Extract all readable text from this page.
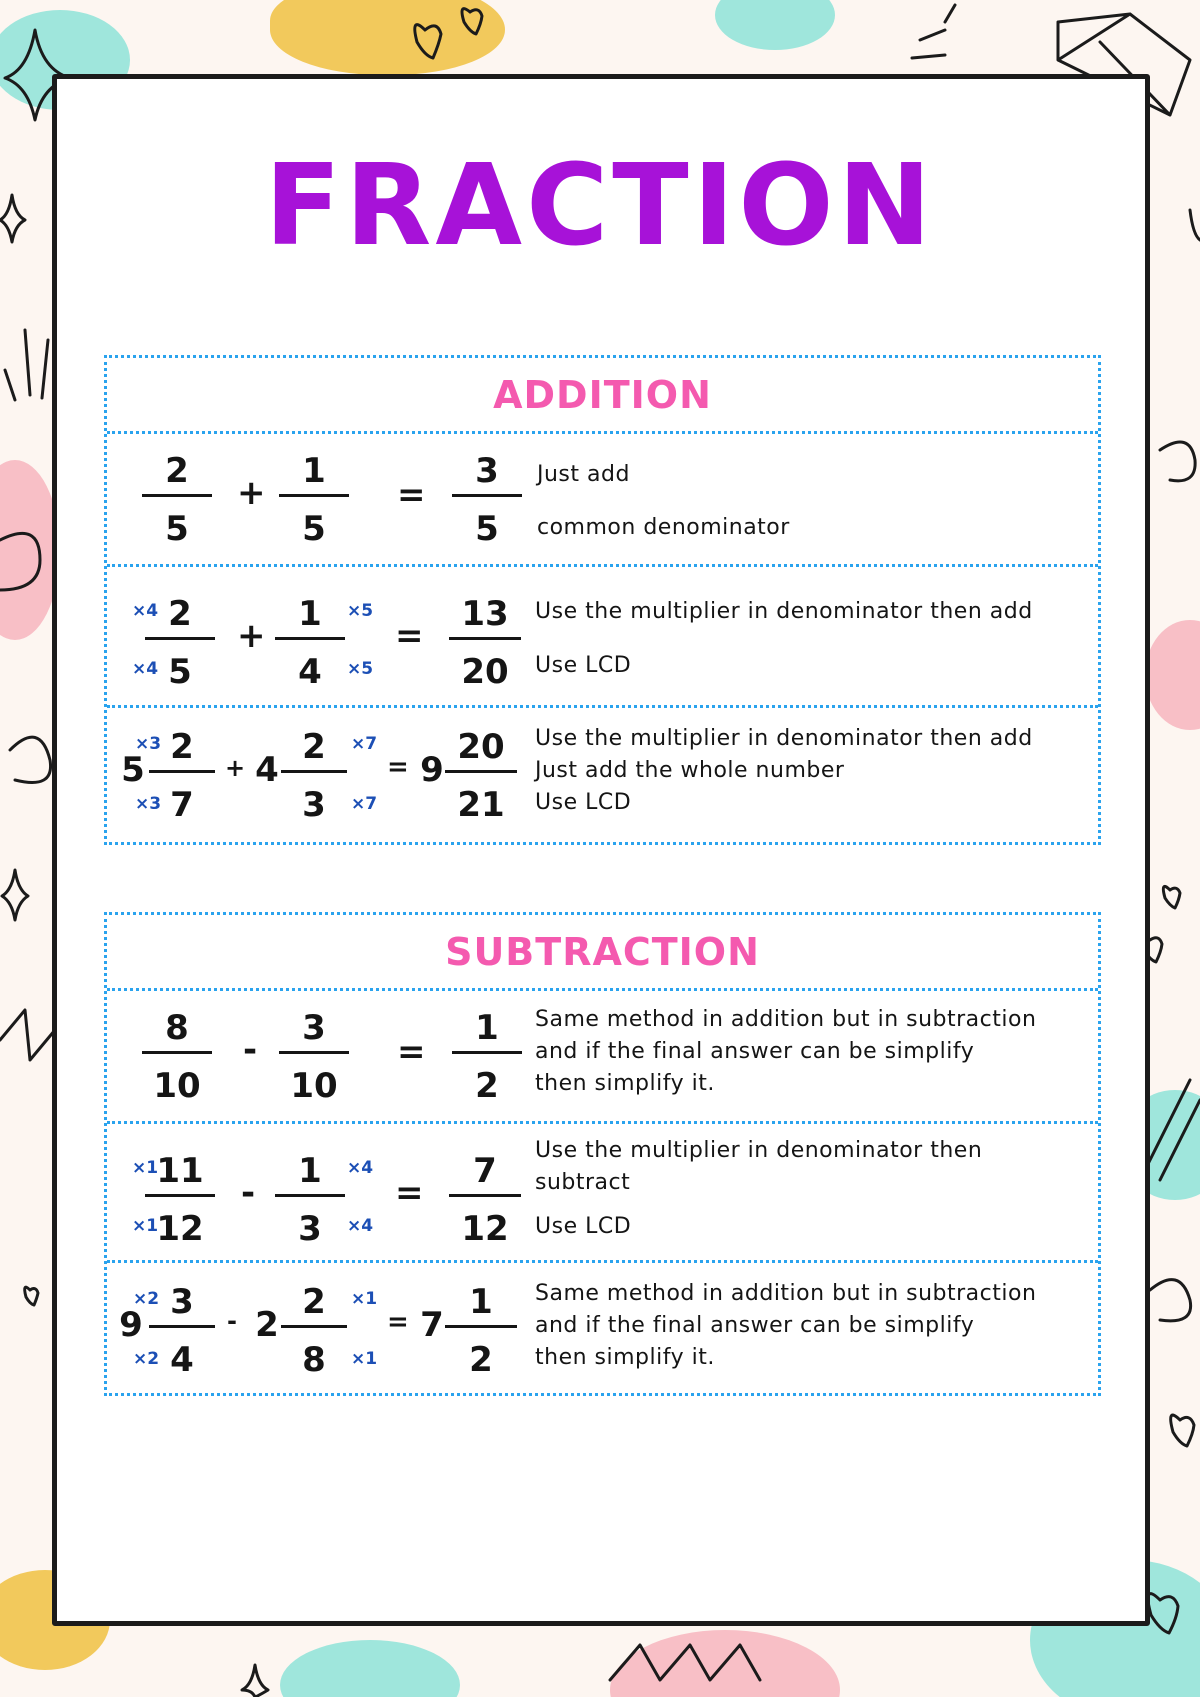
FRACTION
ADDITION
2
5
+
1
5
=
3
5
Just add
common denominator
×4
×4
2
5
+
1
4
×5
×5
=
13
20
Use the multiplier in denominator then add
Use LCD
5
×3
×3
2
7
+ 4
2
3
×7
×7
= 9
20
21
Use the multiplier in denominator then add
Just add the whole number
Use LCD
SUBTRACTION
8
10
-
3
10
=
1
2
Same method in addition but in subtraction
and if the final answer can be simplify
then simplify it.
×1
×1
11
12
-
1
3
×4
×4
=
7
12
Use the multiplier in denominator then
subtract
Use LCD
9
×2
×2
3
4
- 2
2
8
×1
×1
= 7
1
2
Same method in addition but in subtraction
and if the final answer can be simplify
then simplify it.
